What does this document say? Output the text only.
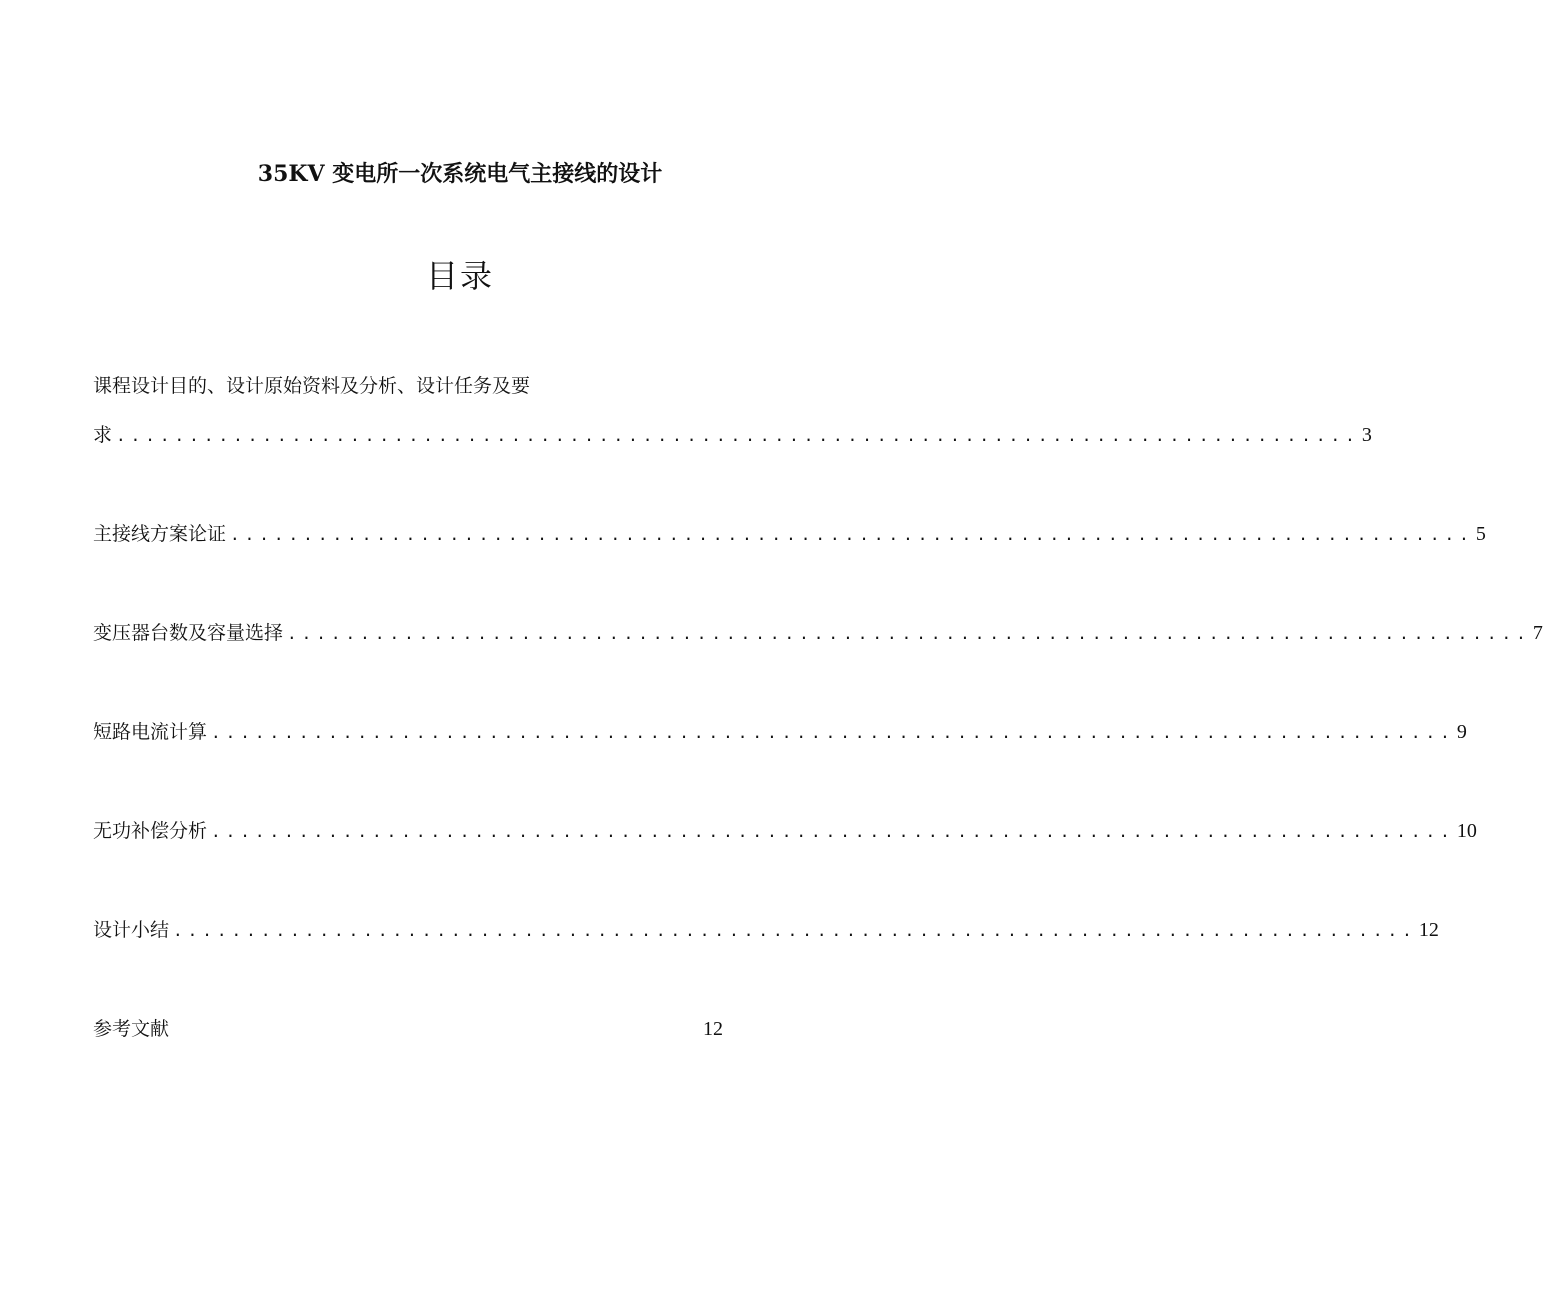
35KV 变电所一次系统电气主接线的设计
目录
课程设计目的、设计原始资料及分析、设计任务及要
求 ..................................................................................... 3
主接线方案论证 ..................................................................................... 5
变压器台数及容量选择 ..................................................................................... 7
短路电流计算 ..................................................................................... 9
无功补偿分析 ..................................................................................... 10
设计小结 ..................................................................................... 12
参考文献	12
